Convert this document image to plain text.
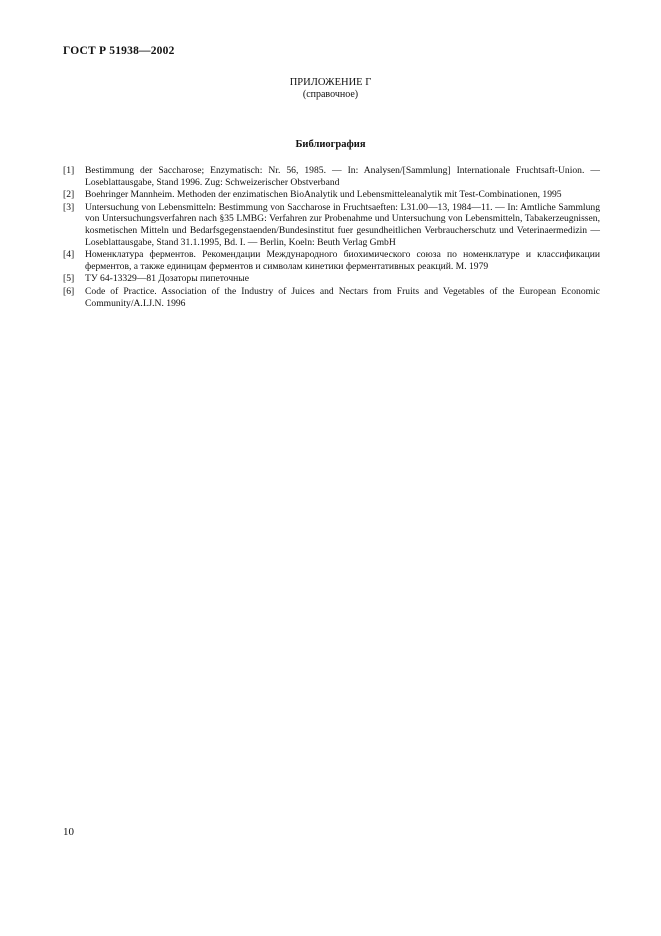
ГОСТ Р 51938—2002
ПРИЛОЖЕНИЕ Г
(справочное)
Библиография
[1]	Bestimmung der Saccharose; Enzymatisch: Nr. 56, 1985. — In: Analysen/[Sammlung] Internationale Fruchtsaft-Union. — Loseblattausgabe, Stand 1996. Zug: Schweizerischer Obstverband
[2]	Boehringer Mannheim. Methoden der enzimatischen BioAnalytik und Lebensmitteleanalytik mit Test-Combinationen, 1995
[3]	Untersuchung von Lebensmitteln: Bestimmung von Saccharose in Fruchtsaeften: L31.00—13, 1984—11. — In: Amtliche Sammlung von Untersuchungsverfahren nach §35 LMBG: Verfahren zur Probenahme und Untersuchung von Lebensmitteln, Tabakerzeugnissen, kosmetischen Mitteln und Bedarfsgegenstaenden/Bundesinstitut fuer gesundheitlichen Verbraucherschutz und Veterinaermedizin — Loseblattausgabe, Stand 31.1.1995, Bd. I. — Berlin, Koeln: Beuth Verlag GmbH
[4]	Номенклатура ферментов. Рекомендации Международного биохимического союза по номенклатуре и классификации ферментов, а также единицам ферментов и символам кинетики ферментативных реакций. М. 1979
[5]	ТУ 64-13329—81 Дозаторы пипеточные
[6]	Code of Practice. Association of the Industry of Juices and Nectars from Fruits and Vegetables of the European Economic Community/A.I.J.N. 1996
10
